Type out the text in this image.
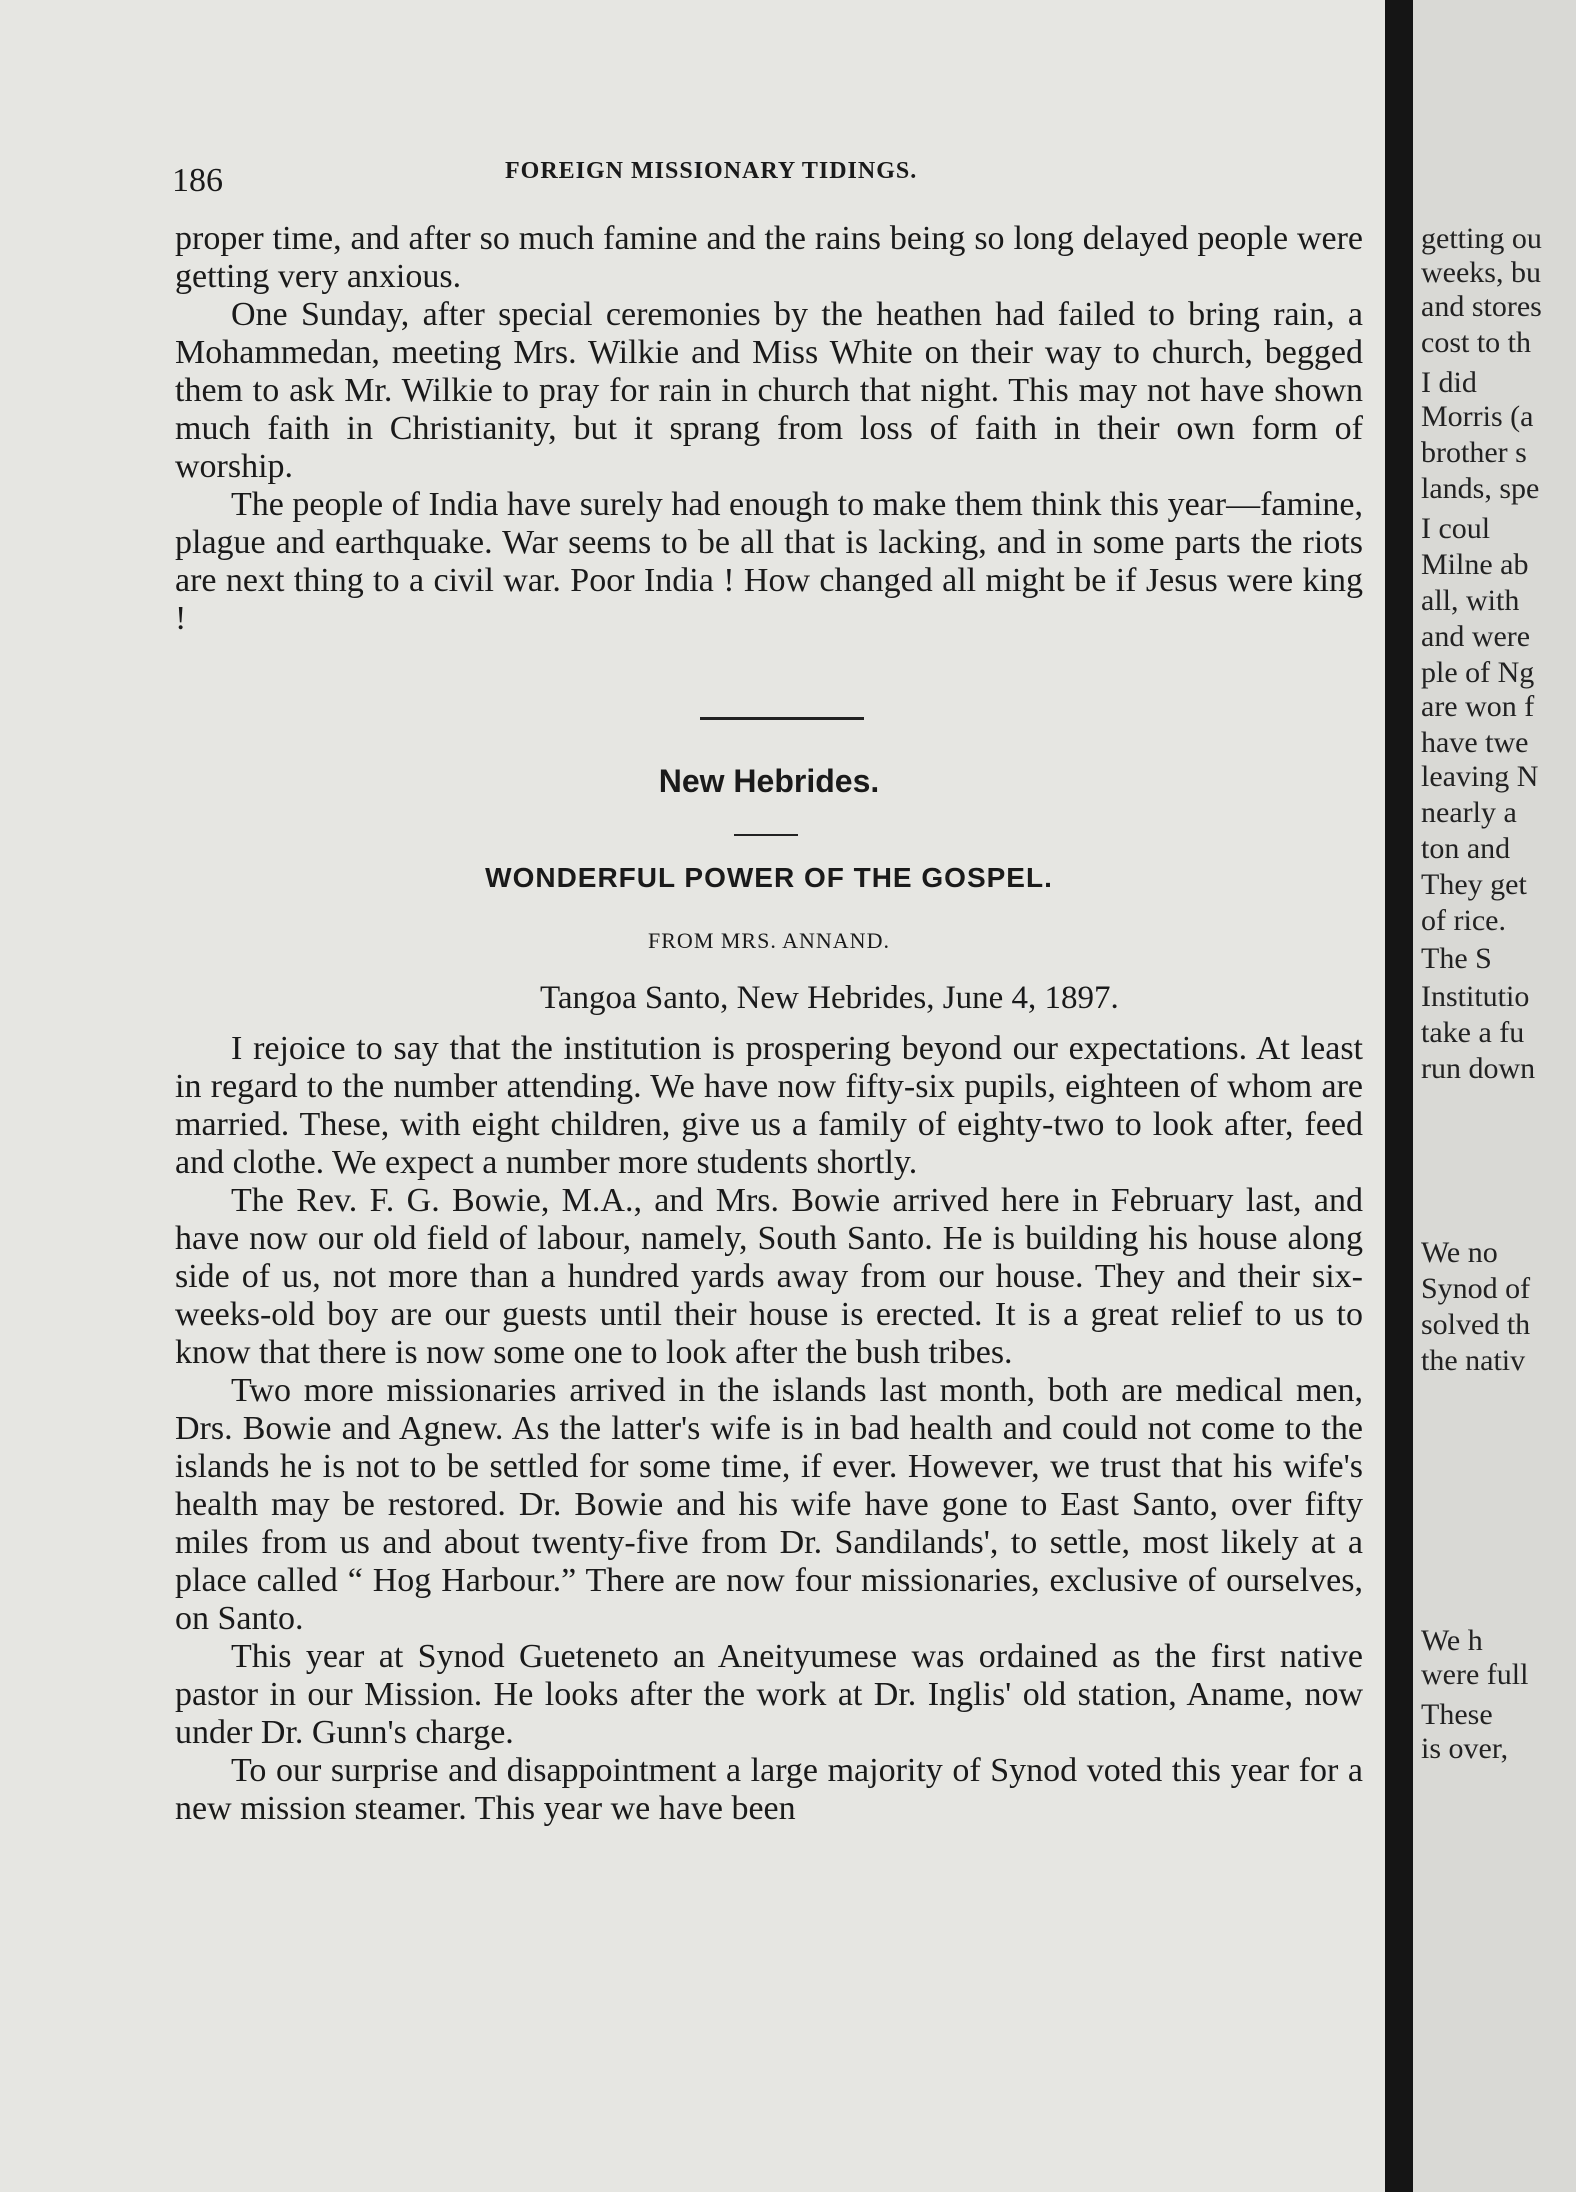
186	FOREIGN MISSIONARY TIDINGS.

proper time, and after so much famine and the rains being so long delayed people were getting very anxious.

One Sunday, after special ceremonies by the heathen had failed to bring rain, a Mohammedan, meeting Mrs. Wilkie and Miss White on their way to church, begged them to ask Mr. Wilkie to pray for rain in church that night. This may not have shown much faith in Christianity, but it sprang from loss of faith in their own form of worship.

The people of India have surely had enough to make them think this year—famine, plague and earthquake. War seems to be all that is lacking, and in some parts the riots are next thing to a civil war. Poor India ! How changed all might be if Jesus were king !

New Hebrides.
WONDERFUL POWER OF THE GOSPEL.
FROM MRS. ANNAND.
Tangoa Santo, New Hebrides, June 4, 1897.

I rejoice to say that the institution is prospering beyond our expectations. At least in regard to the number attending. We have now fifty-six pupils, eighteen of whom are married. These, with eight children, give us a family of eighty-two to look after, feed and clothe. We expect a number more students shortly.

The Rev. F. G. Bowie, M.A., and Mrs. Bowie arrived here in February last, and have now our old field of labour, namely, South Santo. He is building his house along side of us, not more than a hundred yards away from our house. They and their six-weeks-old boy are our guests until their house is erected. It is a great relief to us to know that there is now some one to look after the bush tribes.

Two more missionaries arrived in the islands last month, both are medical men, Drs. Bowie and Agnew. As the latter's wife is in bad health and could not come to the islands he is not to be settled for some time, if ever. However, we trust that his wife's health may be restored. Dr. Bowie and his wife have gone to East Santo, over fifty miles from us and about twenty-five from Dr. Sandilands', to settle, most likely at a place called “ Hog Harbour.” There are now four missionaries, exclusive of ourselves, on Santo.

This year at Synod Gueteneto an Aneityumese was ordained as the first native pastor in our Mission. He looks after the work at Dr. Inglis' old station, Aname, now under Dr. Gunn's charge.

To our surprise and disappointment a large majority of Synod voted this year for a new mission steamer. This year we have been

getting ou
weeks, bu
and stores
cost to th
I did
Morris (a
brother s
lands, spe
I coul
Milne ab
all, with
and were
ple of Ng
are won f
have twe
leaving N
nearly a
ton and
They get
of rice.
The S
Institutio
take a fu
run down
We no
Synod of
solved th
the nativ
We h
were full
These
is over,
